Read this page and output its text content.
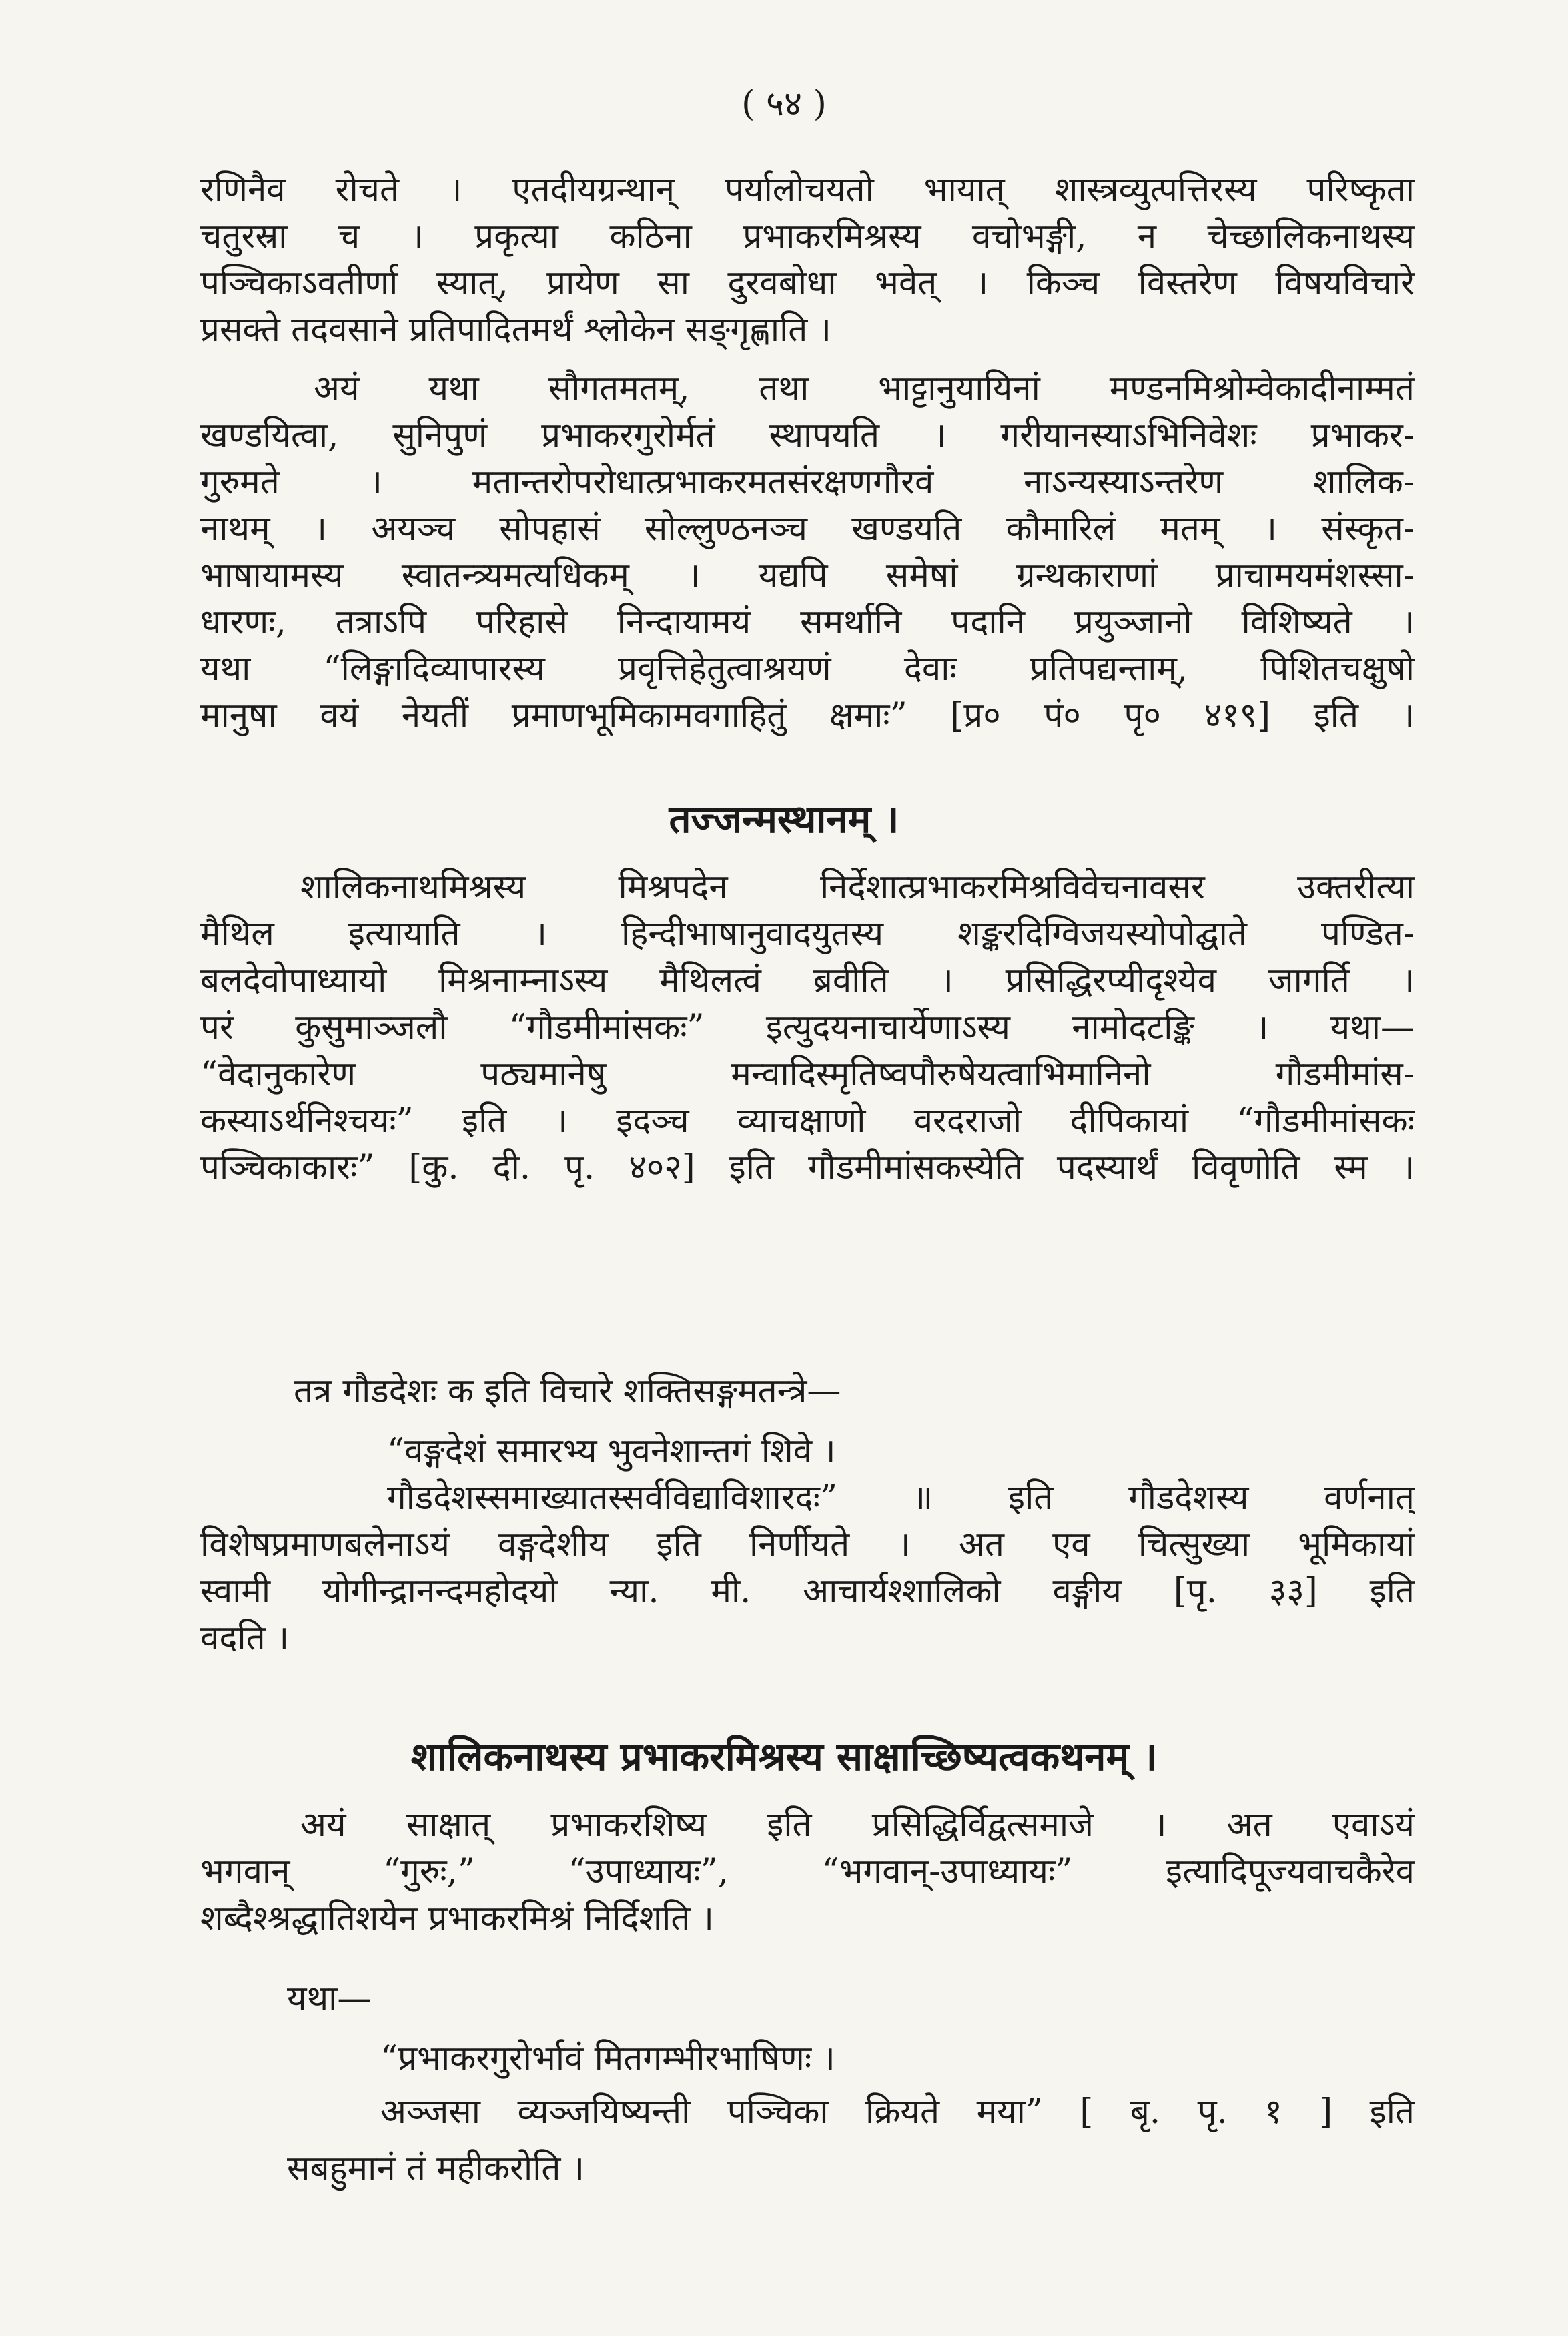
( ५४ )
रणिनैव रोचते । एतदीयग्रन्थान् पर्यालोचयतो भायात् शास्त्रव्युत्पत्तिरस्य परिष्कृता
चतुरस्रा च । प्रकृत्या कठिना प्रभाकरमिश्रस्य वचोभङ्गी, न चेच्छालिकनाथस्य
पञ्चिकाऽवतीर्णा स्यात्, प्रायेण सा दुरवबोधा भवेत् । किञ्च विस्तरेण विषयविचारे
प्रसक्ते तदवसाने प्रतिपादितमर्थं श्लोकेन सङ्गृह्णाति ।
अयं यथा सौगतमतम्, तथा भाट्टानुयायिनां मण्डनमिश्रोम्वेकादीनाम्मतं
खण्डयित्वा, सुनिपुणं प्रभाकरगुरोर्मतं स्थापयति । गरीयानस्याऽभिनिवेशः प्रभाकर-
गुरुमते । मतान्तरोपरोधात्प्रभाकरमतसंरक्षणगौरवं नाऽन्यस्याऽन्तरेण शालिक-
नाथम् । अयञ्च सोपहासं सोल्लुण्ठनञ्च खण्डयति कौमारिलं मतम् । संस्कृत-
भाषायामस्य स्वातन्त्र्यमत्यधिकम् । यद्यपि समेषां ग्रन्थकाराणां प्राचामयमंशस्सा-
धारणः, तत्राऽपि परिहासे निन्दायामयं समर्थानि पदानि प्रयुञ्जानो विशिष्यते ।
यथा “लिङ्गादिव्यापारस्य प्रवृत्तिहेतुत्वाश्रयणं देवाः प्रतिपद्यन्ताम्, पिशितचक्षुषो
मानुषा वयं नेयतीं प्रमाणभूमिकामवगाहितुं क्षमाः” [प्र० पं० पृ० ४१९] इति ।
तज्जन्मस्थानम् ।
शालिकनाथमिश्रस्य मिश्रपदेन निर्देशात्प्रभाकरमिश्रविवेचनावसर उक्तरीत्या
मैथिल इत्यायाति । हिन्दीभाषानुवादयुतस्य शङ्करदिग्विजयस्योपोद्घाते पण्डित-
बलदेवोपाध्यायो मिश्रनाम्नाऽस्य मैथिलत्वं ब्रवीति । प्रसिद्धिरप्यीदृश्येव जागर्ति ।
परं कुसुमाञ्जलौ “गौडमीमांसकः” इत्युदयनाचार्येणाऽस्य नामोदटङ्कि । यथा—
“वेदानुकारेण पठ्यमानेषु मन्वादिस्मृतिष्वपौरुषेयत्वाभिमानिनो गौडमीमांस-
कस्याऽर्थनिश्चयः” इति । इदञ्च व्याचक्षाणो वरदराजो दीपिकायां “गौडमीमांसकः
पञ्चिकाकारः” [कु. दी. पृ. ४०२] इति गौडमीमांसकस्येति पदस्यार्थं विवृणोति स्म ।
तत्र गौडदेशः क इति विचारे शक्तिसङ्गमतन्त्रे—
“वङ्गदेशं समारभ्य भुवनेशान्तगं शिवे ।
गौडदेशस्समाख्यातस्सर्वविद्याविशारदः” ॥ इति गौडदेशस्य वर्णनात्
विशेषप्रमाणबलेनाऽयं वङ्गदेशीय इति निर्णीयते । अत एव चित्सुख्या भूमिकायां
स्वामी योगीन्द्रानन्दमहोदयो न्या. मी. आचार्यश्शालिको वङ्गीय [पृ. ३३] इति
वदति ।
शालिकनाथस्य प्रभाकरमिश्रस्य साक्षाच्छिष्यत्वकथनम् ।
अयं साक्षात् प्रभाकरशिष्य इति प्रसिद्धिर्विद्वत्समाजे । अत एवाऽयं
भगवान् “गुरुः,” “उपाध्यायः”, “भगवान्-उपाध्यायः” इत्यादिपूज्यवाचकैरेव
शब्दैश्श्रद्धातिशयेन प्रभाकरमिश्रं निर्दिशति ।
यथा—
“प्रभाकरगुरोर्भावं मितगम्भीरभाषिणः ।
अञ्जसा व्यञ्जयिष्यन्ती पञ्चिका क्रियते मया” [ बृ. पृ. १ ] इति
सबहुमानं तं महीकरोति ।
